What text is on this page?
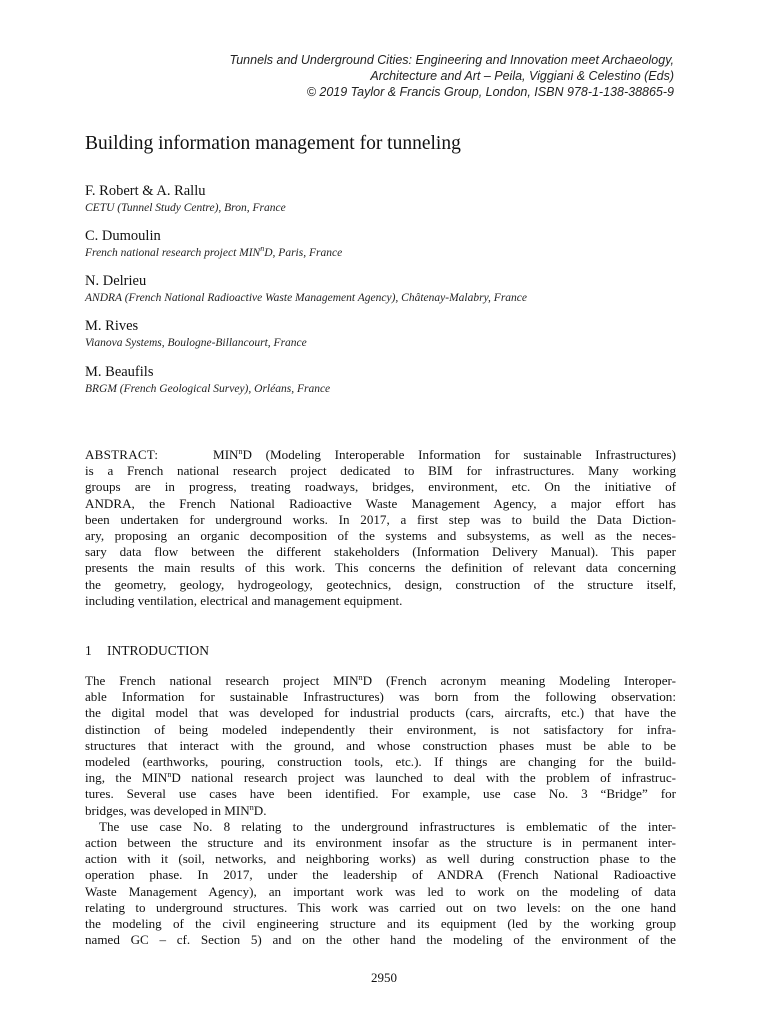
Tunnels and Underground Cities: Engineering and Innovation meet Archaeology,
Architecture and Art – Peila, Viggiani & Celestino (Eds)
© 2019 Taylor & Francis Group, London, ISBN 978-1-138-38865-9
Building information management for tunneling
F. Robert & A. Rallu
CETU (Tunnel Study Centre), Bron, France
C. Dumoulin
French national research project MIN$^n$D, Paris, France
N. Delrieu
ANDRA (French National Radioactive Waste Management Agency), Châtenay-Malabry, France
M. Rives
Vianova Systems, Boulogne-Billancourt, France
M. Beaufils
BRGM (French Geological Survey), Orléans, France
ABSTRACT:	MIN$^n$D (Modeling Interoperable Information for sustainable Infrastructures)
is a French national research project dedicated to BIM for infrastructures. Many working
groups are in progress, treating roadways, bridges, environment, etc. On the initiative of
ANDRA, the French National Radioactive Waste Management Agency, a major effort has
been undertaken for underground works. In 2017, a first step was to build the Data Diction-
ary, proposing an organic decomposition of the systems and subsystems, as well as the neces-
sary data flow between the different stakeholders (Information Delivery Manual). This paper
presents the main results of this work. This concerns the definition of relevant data concerning
the geometry, geology, hydrogeology, geotechnics, design, construction of the structure itself,
including ventilation, electrical and management equipment.
1 INTRODUCTION
The French national research project MIN$^n$D (French acronym meaning Modeling Interoper-
able Information for sustainable Infrastructures) was born from the following observation:
the digital model that was developed for industrial products (cars, aircrafts, etc.) that have the
distinction of being modeled independently their environment, is not satisfactory for infra-
structures that interact with the ground, and whose construction phases must be able to be
modeled (earthworks, pouring, construction tools, etc.). If things are changing for the build-
ing, the MIN$^n$D national research project was launched to deal with the problem of infrastruc-
tures. Several use cases have been identified. For example, use case No. 3 “Bridge” for
bridges, was developed in MIN$^n$D.
The use case No. 8 relating to the underground infrastructures is emblematic of the inter-
action between the structure and its environment insofar as the structure is in permanent inter-
action with it (soil, networks, and neighboring works) as well during construction phase to the
operation phase. In 2017, under the leadership of ANDRA (French National Radioactive
Waste Management Agency), an important work was led to work on the modeling of data
relating to underground structures. This work was carried out on two levels: on the one hand
the modeling of the civil engineering structure and its equipment (led by the working group
named GC – cf. Section 5) and on the other hand the modeling of the environment of the
2950
